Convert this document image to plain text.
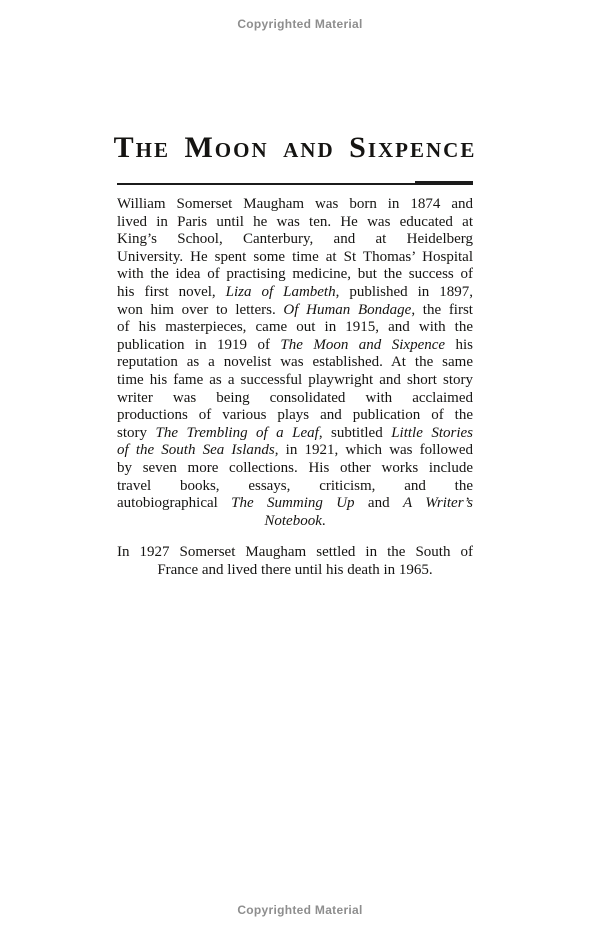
Copyrighted Material
The Moon and Sixpence
William Somerset Maugham was born in 1874 and
lived in Paris until he was ten. He was educated at
King’s School, Canterbury, and at Heidelberg
University. He spent some time at St Thomas’ Hospital
with the idea of practising medicine, but the success of
his first novel, Liza of Lambeth, published in 1897,
won him over to letters. Of Human Bondage, the first
of his masterpieces, came out in 1915, and with the
publication in 1919 of The Moon and Sixpence his
reputation as a novelist was established. At the same
time his fame as a successful playwright and short story
writer was being consolidated with acclaimed
productions of various plays and publication of the
story The Trembling of a Leaf, subtitled Little Stories
of the South Sea Islands, in 1921, which was followed
by seven more collections. His other works include
travel books, essays, criticism, and the
autobiographical The Summing Up and A Writer’s
Notebook.
In 1927 Somerset Maugham settled in the South of
France and lived there until his death in 1965.
Copyrighted Material
